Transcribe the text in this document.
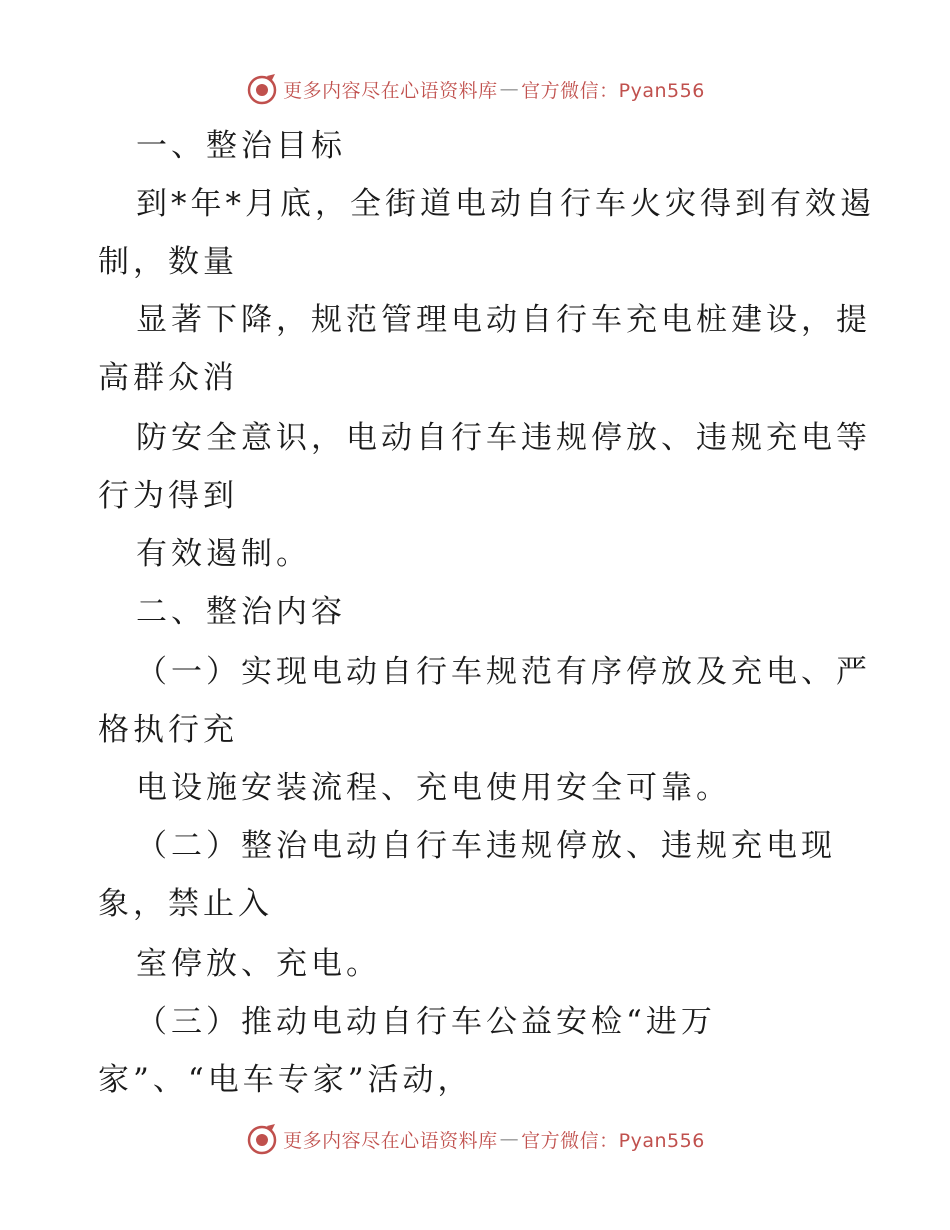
更多内容尽在心语资料库 — 官方微信：Pyan556
一、整治目标
到*年*月底，全街道电动自行车火灾得到有效遏
制，数量
显著下降，规范管理电动自行车充电桩建设，提
高群众消
防安全意识，电动自行车违规停放、违规充电等
行为得到
有效遏制。
二、整治内容
（一）实现电动自行车规范有序停放及充电、严
格执行充
电设施安装流程、充电使用安全可靠。
（二）整治电动自行车违规停放、违规充电现
象，禁止入
室停放、充电。
（三）推动电动自行车公益安检“进万
家”、“电车专家”活动，
更多内容尽在心语资料库 — 官方微信：Pyan556
